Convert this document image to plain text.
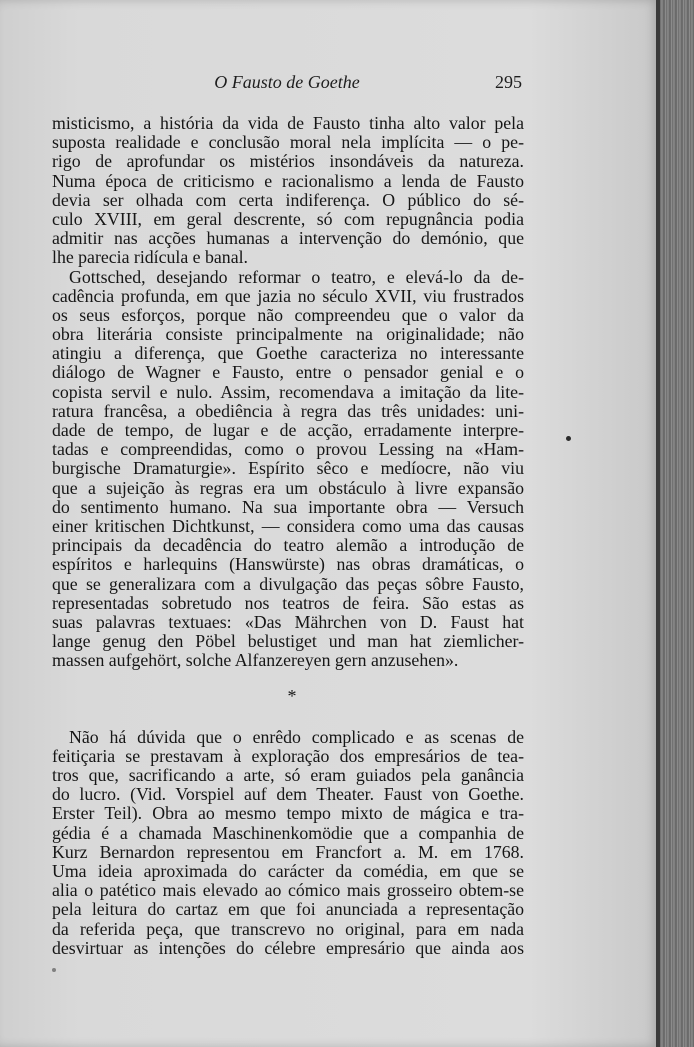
O Fausto de Goethe	295
misticismo, a história da vida de Fausto tinha alto valor pela
suposta realidade e conclusão moral nela implícita — o pe-
rigo de aprofundar os mistérios insondáveis da natureza.
Numa época de criticismo e racionalismo a lenda de Fausto
devia ser olhada com certa indiferença. O público do sé-
culo XVIII, em geral descrente, só com repugnância podia
admitir nas acções humanas a intervenção do demónio, que
lhe parecia ridícula e banal.
Gottsched, desejando reformar o teatro, e elevá-lo da de-
cadência profunda, em que jazia no século XVII, viu frustrados
os seus esforços, porque não compreendeu que o valor da
obra literária consiste principalmente na originalidade; não
atingiu a diferença, que Goethe caracteriza no interessante
diálogo de Wagner e Fausto, entre o pensador genial e o
copista servil e nulo. Assim, recomendava a imitação da lite-
ratura francêsa, a obediência à regra das três unidades: uni-
dade de tempo, de lugar e de acção, erradamente interpre-
tadas e compreendidas, como o provou Lessing na «Ham-
burgische Dramaturgie». Espírito sêco e medíocre, não viu
que a sujeição às regras era um obstáculo à livre expansão
do sentimento humano. Na sua importante obra — Versuch
einer kritischen Dichtkunst, — considera como uma das causas
principais da decadência do teatro alemão a introdução de
espíritos e harlequins (Hanswürste) nas obras dramáticas, o
que se generalizara com a divulgação das peças sôbre Fausto,
representadas sobretudo nos teatros de feira. São estas as
suas palavras textuaes: «Das Mährchen von D. Faust hat
lange genug den Pöbel belustiget und man hat ziemlicher-
massen aufgehört, solche Alfanzereyen gern anzusehen».
*
Não há dúvida que o enrêdo complicado e as scenas de
feitiçaria se prestavam à exploração dos empresários de tea-
tros que, sacrificando a arte, só eram guiados pela ganância
do lucro. (Vid. Vorspiel auf dem Theater. Faust von Goethe.
Erster Teil). Obra ao mesmo tempo mixto de mágica e tra-
gédia é a chamada Maschinenkomödie que a companhia de
Kurz Bernardon representou em Francfort a. M. em 1768.
Uma ideia aproximada do carácter da comédia, em que se
alia o patético mais elevado ao cómico mais grosseiro obtem-se
pela leitura do cartaz em que foi anunciada a representação
da referida peça, que transcrevo no original, para em nada
desvirtuar as intenções do célebre empresário que ainda aos
